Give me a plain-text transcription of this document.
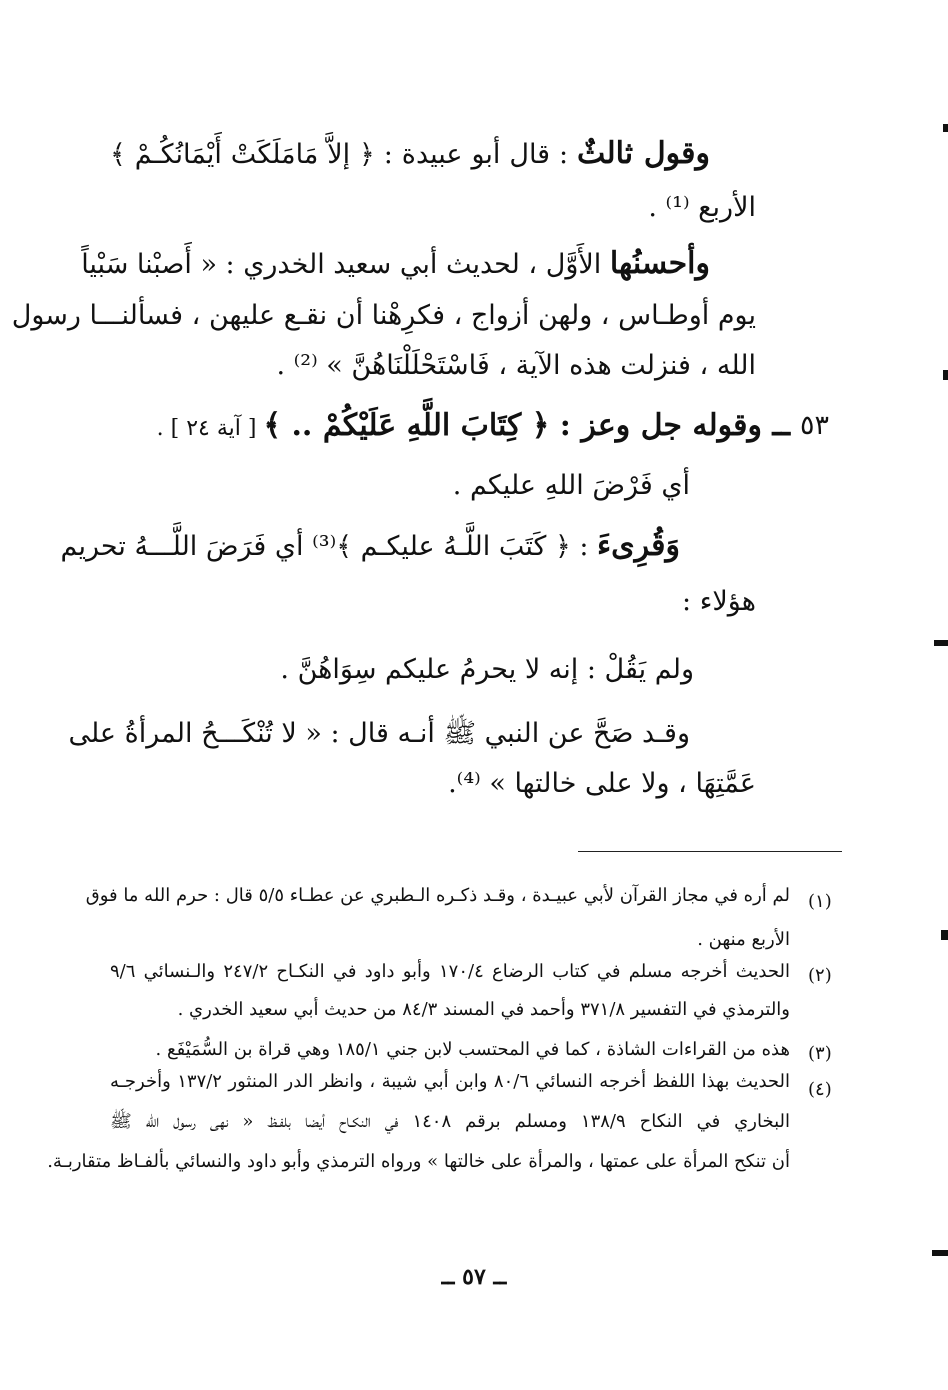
وقول ثالثٌ : قال أبو عبيدة : ﴿ إلاَّ مَامَلَكَتْ أَيْمَانُكُـمْ ﴾
الأربع ⁽¹⁾ .
وأحسنُها الأَوَّل ، لحديث أبي سعيد الخدري : « أَصبْنا سَبْياً
يوم أوطـاس ، ولهن أزواج ، فكرِهْنا أن نقـع عليهن ، فسألنـــا رسول
الله ، فنزلت هذه الآية ، فَاسْتَحْلَلْنَاهُنَّ » ⁽²⁾ .
٥٣
ــ وقوله جل وعز : ﴿ كِتَابَ اللَّهِ عَلَيْكُمْ .. ﴾ [ آية ٢٤ ] .
أي فَرْضَ اللهِ عليكم .
وَقُرِىءَ : ﴿ كَتَبَ اللَّـهُ عليكـم ﴾⁽³⁾ أي فَرَضَ اللَّـــهُ تحريم
هؤلاء :
ولم يَقُلْ : إنه لا يحرمُ عليكم سِوَاهُنَّ .
وقـد صَحَّ عن النبي ﷺ أنـه قال : « لا تُنْكَـــحُ المرأةُ على
عَمَّتِهَا ، ولا على خالتها » ⁽⁴⁾.
(١)
لم أره في مجاز القرآن لأبي عبيـدة ، وقـد ذكـره الـطبري عن عطـاء ٥/٥ قال : حرم الله ما فوق
الأربع منهن .
(٢)
الحديث أخرجه مسلم في كتاب الرضاع ١٧٠/٤ وأبو داود في النكـاح ٢٤٧/٢ والـنسائي ٩/٦
والترمذي في التفسير ٣٧١/٨ وأحمد في المسند ٨٤/٣ من حديث أبي سعيد الخدري .
(٣)
هذه من القراءات الشاذة ، كما في المحتسب لابن جني ١٨٥/١ وهي قراة بن السُّمَيْفَع .
(٤)
الحديث بهذا اللفظ أخرجه النسائي ٨٠/٦ وابن أبي شيبة ، وانظر الدر المنثور ١٣٧/٢ وأخرجـه
البخاري في النكاح ١٣٨/٩ ومسلم برقم ١٤٠٨ في النكـاح أيضا بلفـظ « نهى رسول الله ﷺ
أن تنكح المرأة على عمتها ، والمرأة على خالتها » ورواه الترمذي وأبو داود والنسائي بألفـاظ متقاربـة.
ــ ٥٧ ــ
